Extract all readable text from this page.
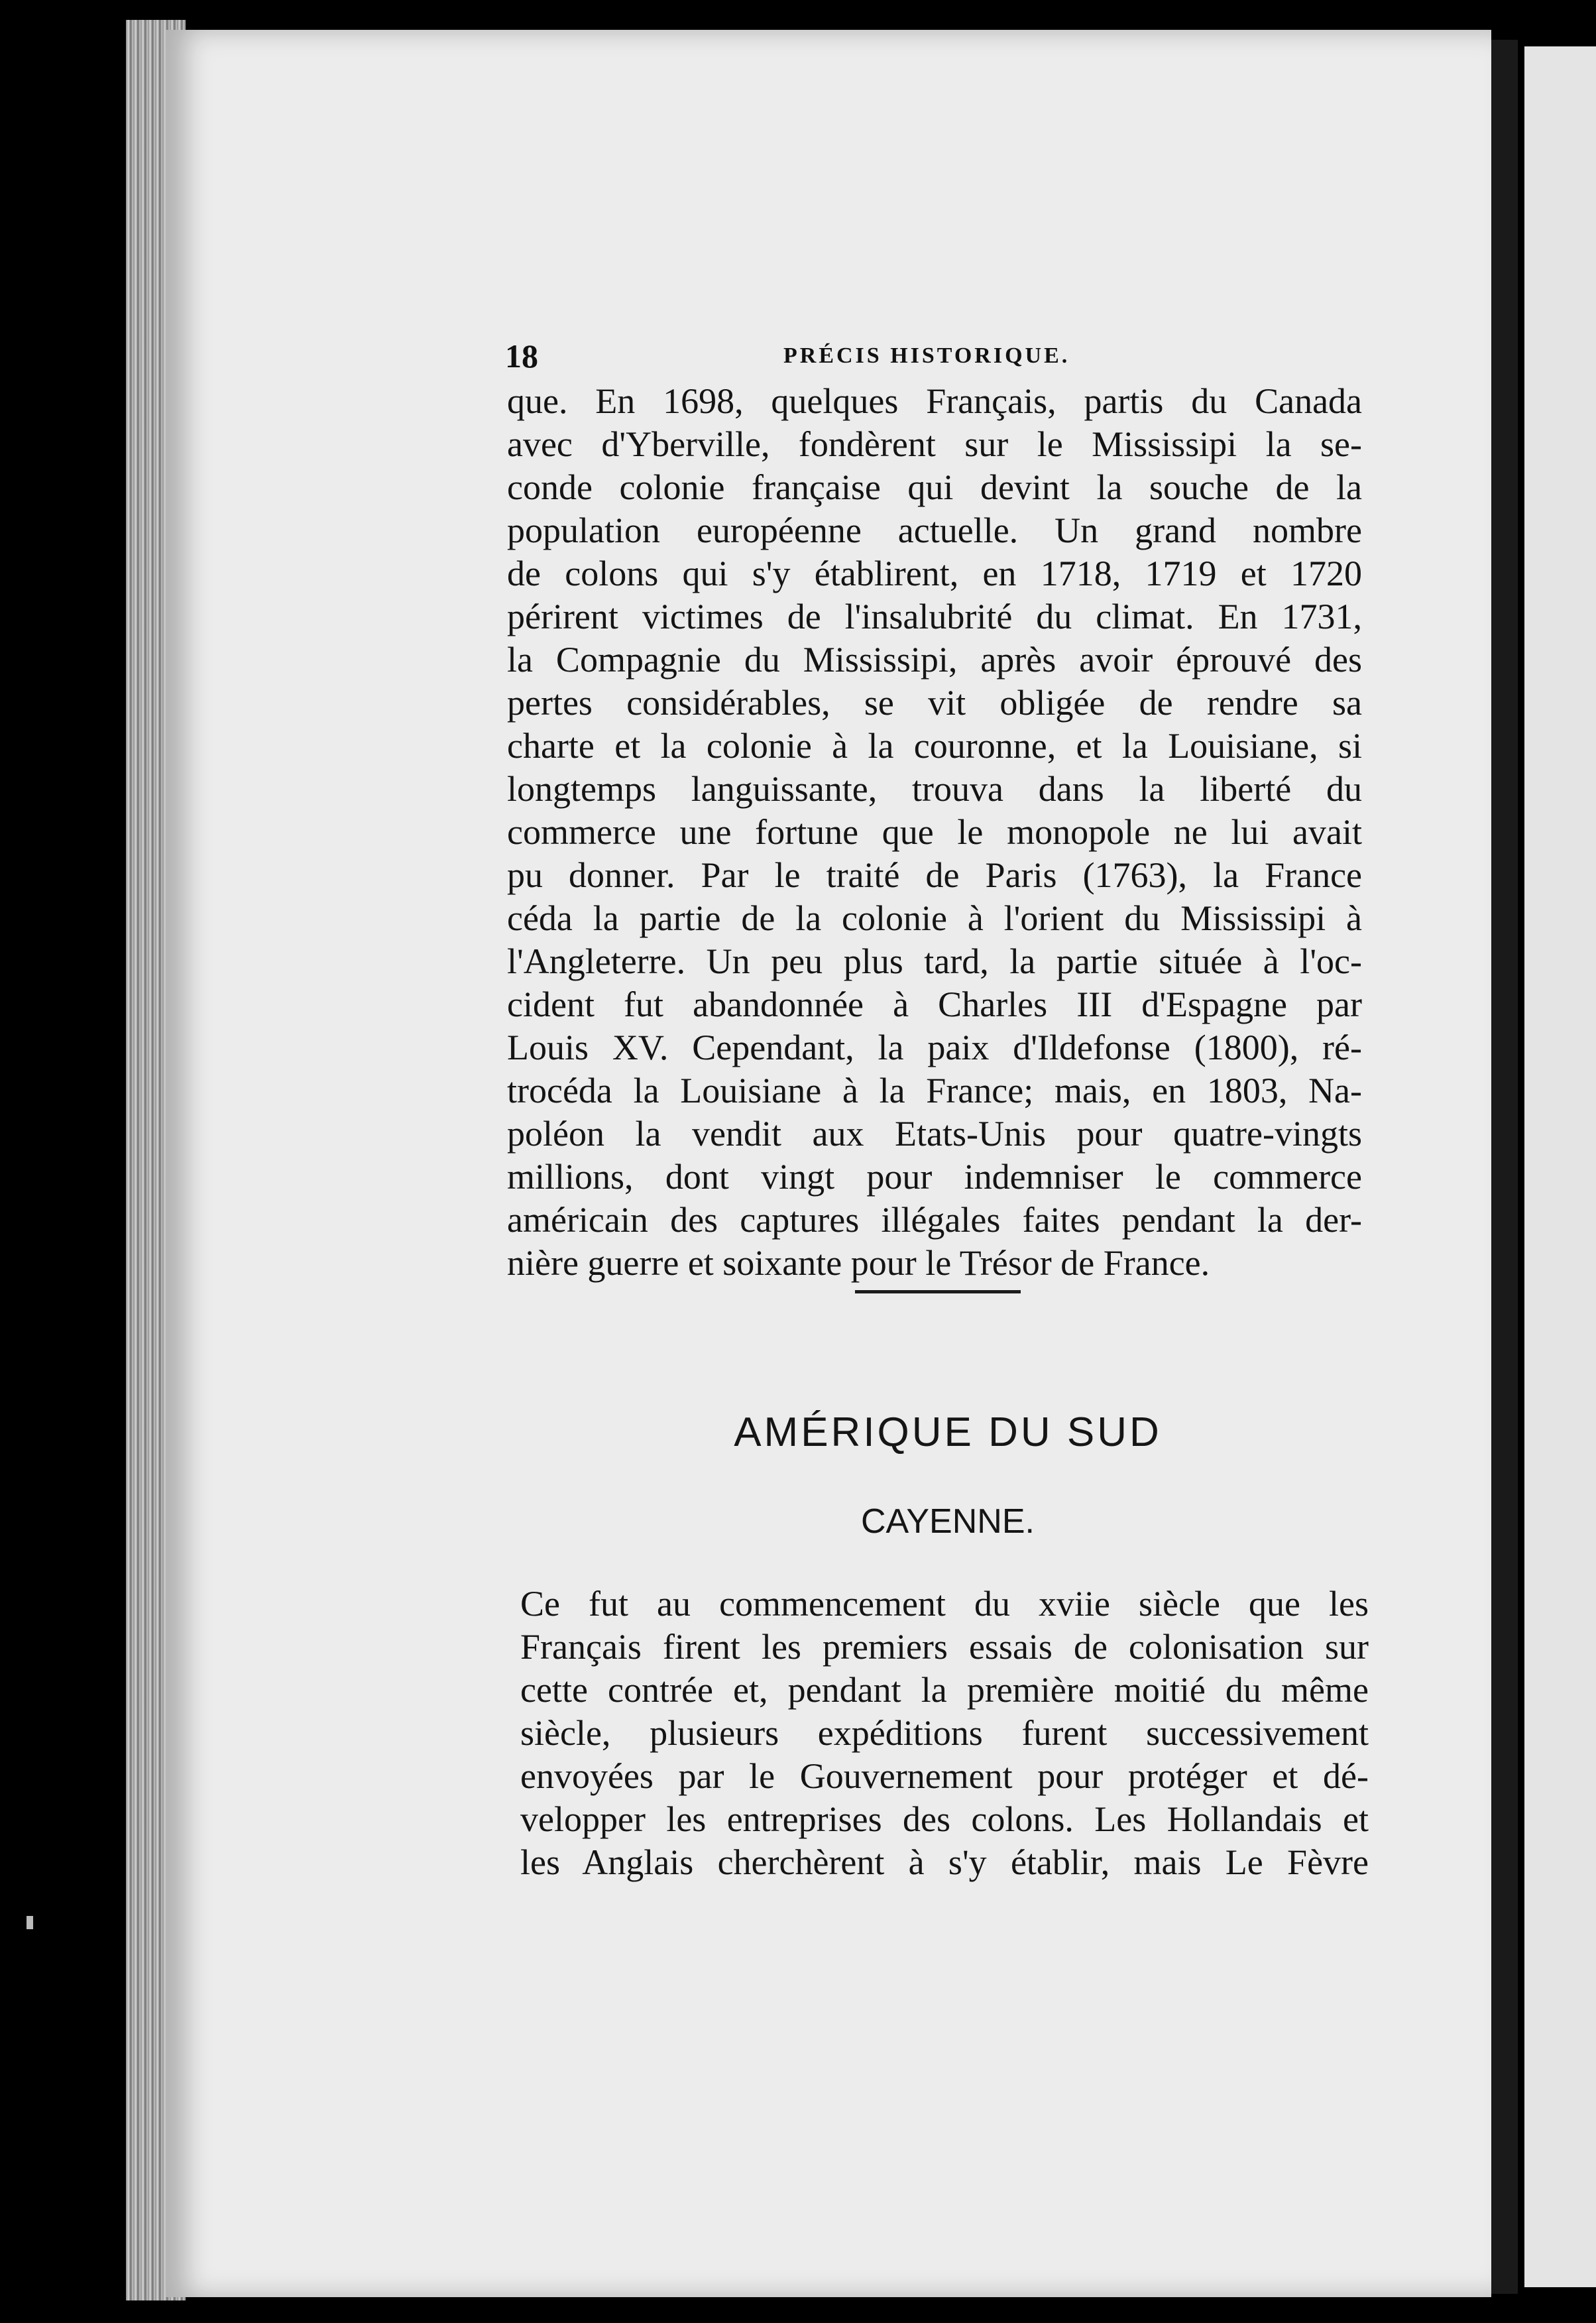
18	PRÉCIS HISTORIQUE.
que. En 1698, quelques Français, partis du Canada
avec d'Yberville, fondèrent sur le Mississipi la se-
conde colonie française qui devint la souche de la
population européenne actuelle. Un grand nombre
de colons qui s'y établirent, en 1718, 1719 et 1720
périrent victimes de l'insalubrité du climat. En 1731,
la Compagnie du Mississipi, après avoir éprouvé des
pertes considérables, se vit obligée de rendre sa
charte et la colonie à la couronne, et la Louisiane, si
longtemps languissante, trouva dans la liberté du
commerce une fortune que le monopole ne lui avait
pu donner. Par le traité de Paris (1763), la France
céda la partie de la colonie à l'orient du Mississipi à
l'Angleterre. Un peu plus tard, la partie située à l'oc-
cident fut abandonnée à Charles III d'Espagne par
Louis XV. Cependant, la paix d'Ildefonse (1800), ré-
trocéda la Louisiane à la France; mais, en 1803, Na-
poléon la vendit aux Etats-Unis pour quatre-vingts
millions, dont vingt pour indemniser le commerce
américain des captures illégales faites pendant la der-
nière guerre et soixante pour le Trésor de France.
AMÉRIQUE DU SUD
CAYENNE.
Ce fut au commencement du xviie siècle que les
Français firent les premiers essais de colonisation sur
cette contrée et, pendant la première moitié du même
siècle, plusieurs expéditions furent successivement
envoyées par le Gouvernement pour protéger et dé-
velopper les entreprises des colons. Les Hollandais et
les Anglais cherchèrent à s'y établir, mais Le Fèvre
